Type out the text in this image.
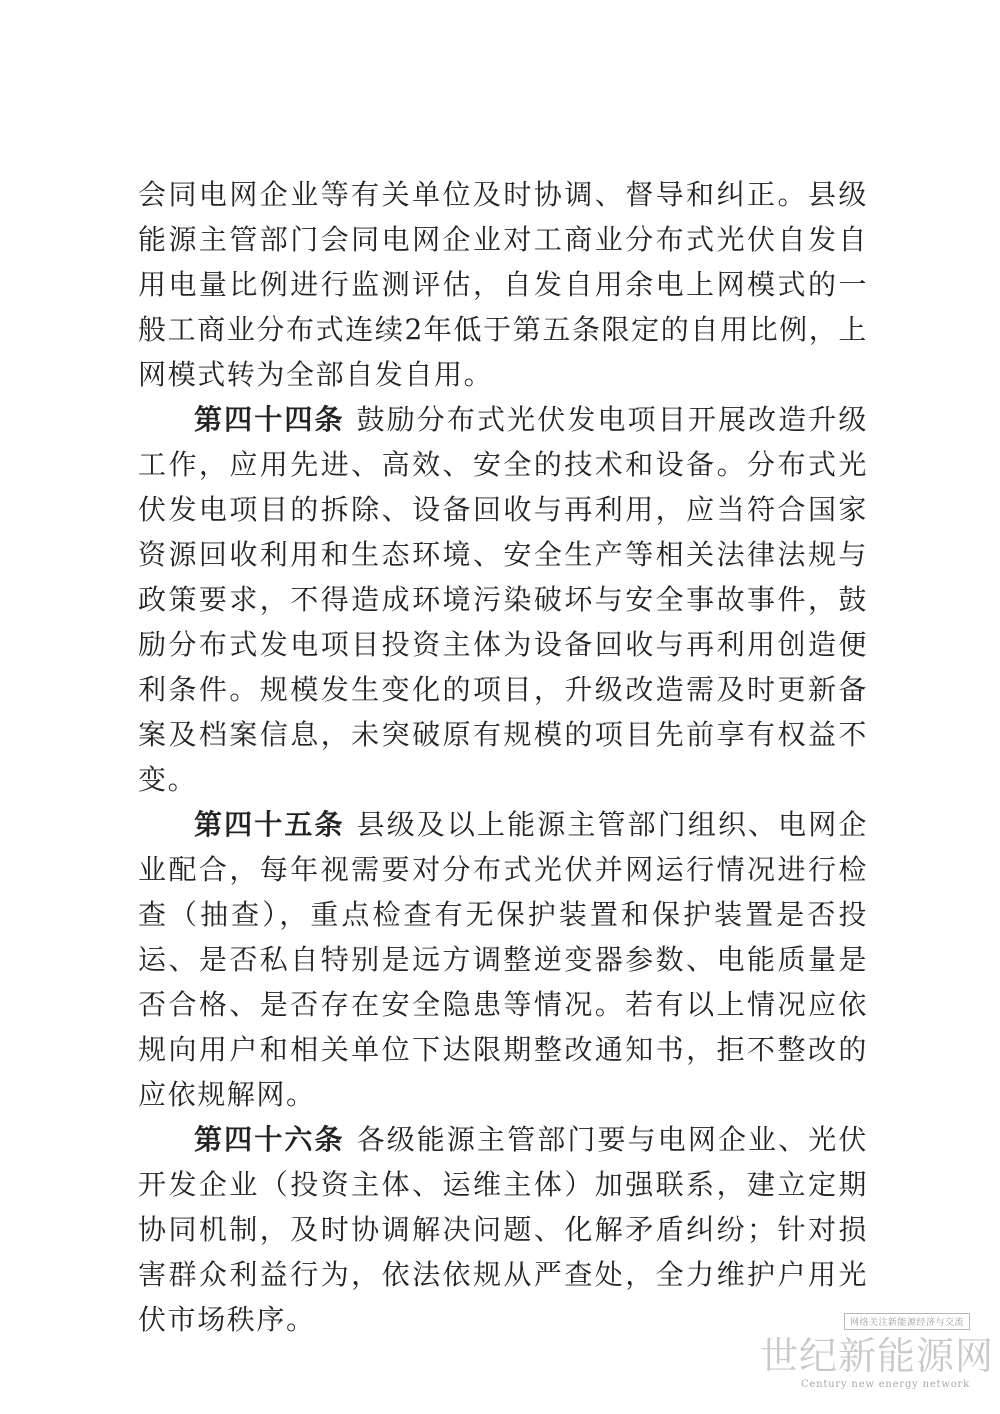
会同电网企业等有关单位及时协调、督导和纠正。县级能源主管部门会同电网企业对工商业分布式光伏自发自用电量比例进行监测评估，自发自用余电上网模式的一般工商业分布式连续2年低于第五条限定的自用比例，上网模式转为全部自发自用。

第四十四条 鼓励分布式光伏发电项目开展改造升级工作，应用先进、高效、安全的技术和设备。分布式光伏发电项目的拆除、设备回收与再利用，应当符合国家资源回收利用和生态环境、安全生产等相关法律法规与政策要求，不得造成环境污染破坏与安全事故事件，鼓励分布式发电项目投资主体为设备回收与再利用创造便利条件。规模发生变化的项目，升级改造需及时更新备案及档案信息，未突破原有规模的项目先前享有权益不变。

第四十五条 县级及以上能源主管部门组织、电网企业配合，每年视需要对分布式光伏并网运行情况进行检查（抽查），重点检查有无保护装置和保护装置是否投运、是否私自特别是远方调整逆变器参数、电能质量是否合格、是否存在安全隐患等情况。若有以上情况应依规向用户和相关单位下达限期整改通知书，拒不整改的应依规解网。

第四十六条 各级能源主管部门要与电网企业、光伏开发企业（投资主体、运维主体）加强联系，建立定期协同机制，及时协调解决问题、化解矛盾纠纷；针对损害群众利益行为，依法依规从严查处，全力维护户用光伏市场秩序。	网络关注新能源经济与交流
世纪新能源网
Century new energy network
